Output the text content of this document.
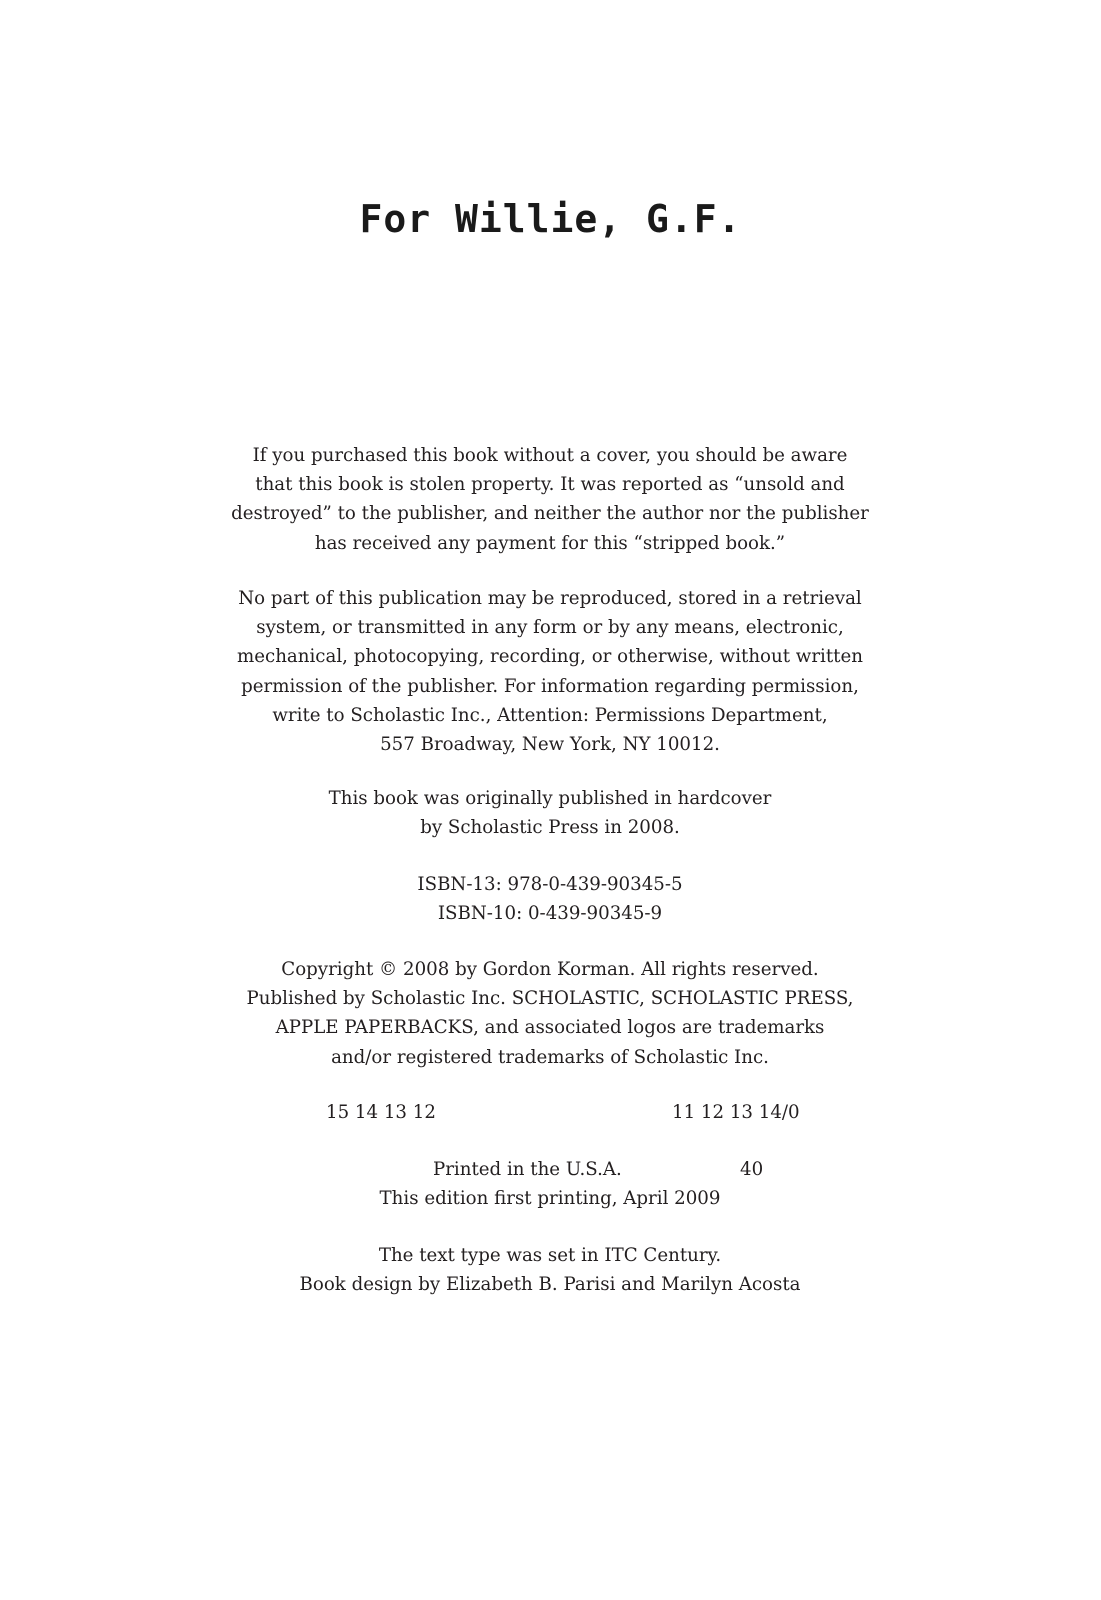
For Willie, G.F.
If you purchased this book without a cover, you should be aware
that this book is stolen property. It was reported as “unsold and
destroyed” to the publisher, and neither the author nor the publisher
has received any payment for this “stripped book.”
No part of this publication may be reproduced, stored in a retrieval
system, or transmitted in any form or by any means, electronic,
mechanical, photocopying, recording, or otherwise, without written
permission of the publisher. For information regarding permission,
write to Scholastic Inc., Attention: Permissions Department,
557 Broadway, New York, NY 10012.
This book was originally published in hardcover
by Scholastic Press in 2008.
ISBN-13: 978-0-439-90345-5
ISBN-10: 0-439-90345-9
Copyright © 2008 by Gordon Korman. All rights reserved.
Published by Scholastic Inc. SCHOLASTIC, SCHOLASTIC PRESS,
APPLE PAPERBACKS, and associated logos are trademarks
and/or registered trademarks of Scholastic Inc.
15 14 13 12	11 12 13 14/0
Printed in the U.S.A.	40
This edition first printing, April 2009
The text type was set in ITC Century.
Book design by Elizabeth B. Parisi and Marilyn Acosta
